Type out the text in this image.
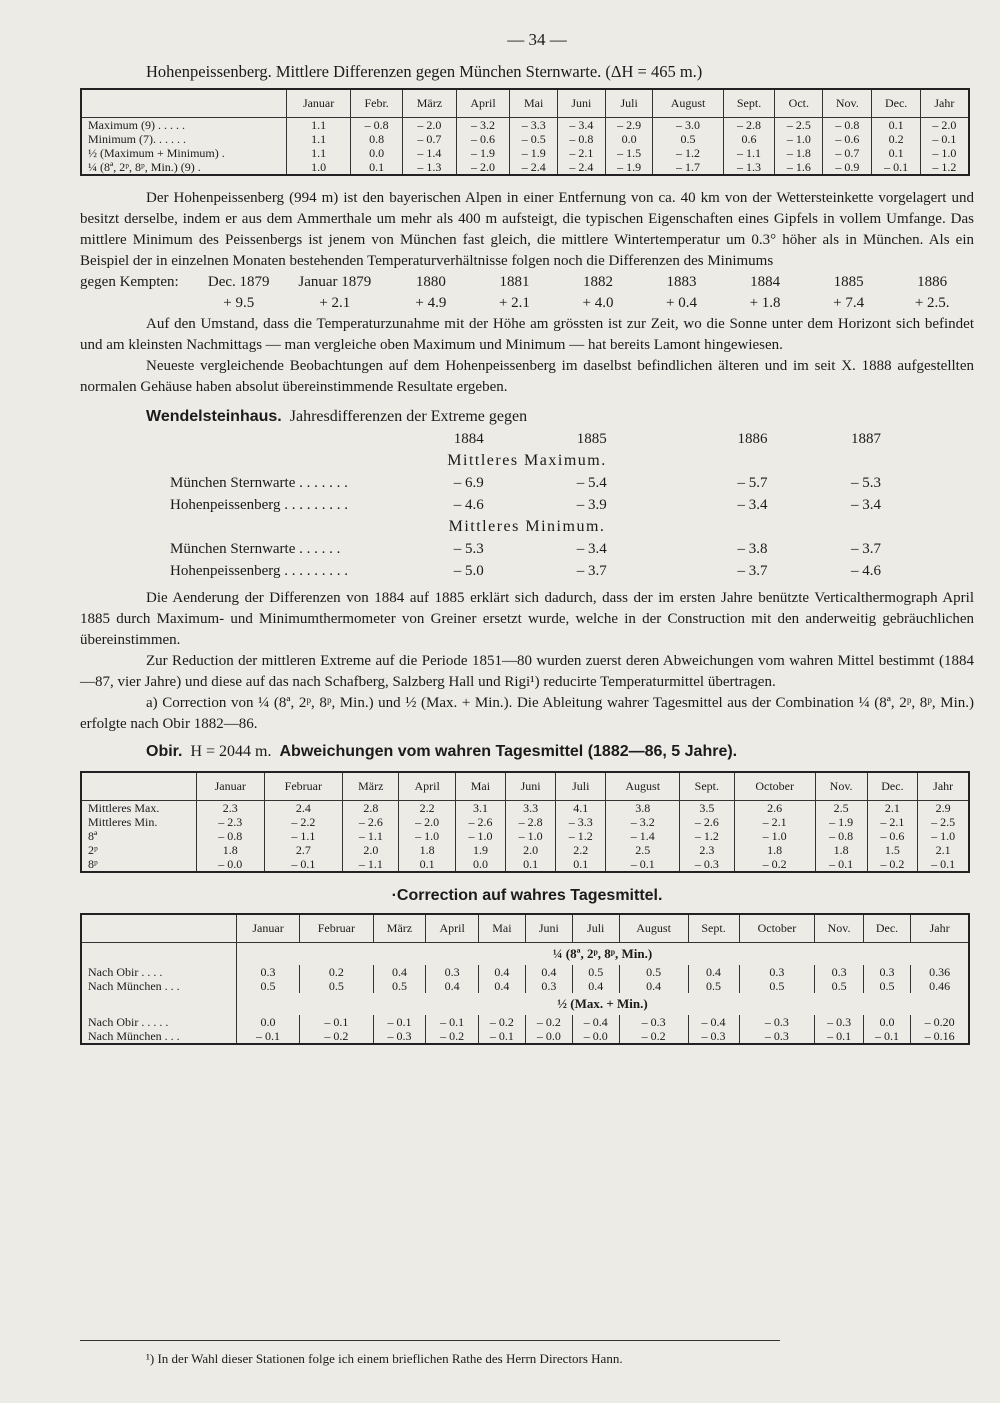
— 34 —
Hohenpeissenberg. Mittlere Differenzen gegen München Sternwarte. (ΔH = 465 m.)
	Januar	Febr.	März	April	Mai	Juni	Juli	August	Sept.	Oct.	Nov.	Dec.	Jahr
Maximum (9) . . . . .	1.1	– 0.8	– 2.0	– 3.2	– 3.3	– 3.4	– 2.9	– 3.0	– 2.8	– 2.5	– 0.8	0.1	– 2.0
Minimum (7). . . . . .	1.1	0.8	– 0.7	– 0.6	– 0.5	– 0.8	0.0	0.5	0.6	– 1.0	– 0.6	0.2	– 0.1
½ (Maximum + Minimum) .	1.1	0.0	– 1.4	– 1.9	– 1.9	– 2.1	– 1.5	– 1.2	– 1.1	– 1.8	– 0.7	0.1	– 1.0
¼ (8ª, 2ᵖ, 8ᵖ, Min.) (9) .	1.0	0.1	– 1.3	– 2.0	– 2.4	– 2.4	– 1.9	– 1.7	– 1.3	– 1.6	– 0.9	– 0.1	– 1.2

Der Hohenpeissenberg (994 m) ist den bayerischen Alpen in einer Entfernung von ca. 40 km von der Wettersteinkette vorgelagert und besitzt derselbe, indem er aus dem Ammerthale um mehr als 400 m aufsteigt, die typischen Eigenschaften eines Gipfels in vollem Umfange. Das mittlere Minimum des Peissenbergs ist jenem von München fast gleich, die mittlere Wintertemperatur um 0.3° höher als in München. Als ein Beispiel der in einzelnen Monaten bestehenden Temperaturverhältnisse folgen noch die Differenzen des Minimums

gegen Kempten:	Dec. 1879	Januar 1879	1880	1881	1882	1883	1884	1885	1886
+ 9.5	+ 2.1	+ 4.9	+ 2.1	+ 4.0	+ 0.4	+ 1.8	+ 7.4	+ 2.5.

Auf den Umstand, dass die Temperaturzunahme mit der Höhe am grössten ist zur Zeit, wo die Sonne unter dem Horizont sich befindet und am kleinsten Nachmittags — man vergleiche oben Maximum und Minimum — hat bereits Lamont hingewiesen.

Neueste vergleichende Beobachtungen auf dem Hohenpeissenberg im daselbst befindlichen älteren und im seit X. 1888 aufgestellten normalen Gehäuse haben absolut übereinstimmende Resultate ergeben.

Wendelsteinhaus. Jahresdifferenzen der Extreme gegen
1884	1885	1886	1887
Mittleres Maximum.
München Sternwarte . . . . . . .	– 6.9	– 5.4	– 5.7	– 5.3
Hohenpeissenberg . . . . . . . . .	– 4.6	– 3.9	– 3.4	– 3.4
Mittleres Minimum.
München Sternwarte . . . . . .	– 5.3	– 3.4	– 3.8	– 3.7
Hohenpeissenberg . . . . . . . . .	– 5.0	– 3.7	– 3.7	– 4.6

Die Aenderung der Differenzen von 1884 auf 1885 erklärt sich dadurch, dass der im ersten Jahre benützte Verticalthermograph April 1885 durch Maximum- und Minimumthermometer von Greiner ersetzt wurde, welche in der Construction mit den anderweitig gebräuchlichen übereinstimmen.

Zur Reduction der mittleren Extreme auf die Periode 1851—80 wurden zuerst deren Abweichungen vom wahren Mittel bestimmt (1884—87, vier Jahre) und diese auf das nach Schafberg, Salzberg Hall und Rigi¹) reducirte Temperaturmittel übertragen.

a) Correction von ¼ (8ª, 2ᵖ, 8ᵖ, Min.) und ½ (Max. + Min.). Die Ableitung wahrer Tagesmittel aus der Combination ¼ (8ª, 2ᵖ, 8ᵖ, Min.) erfolgte nach Obir 1882—86.

Obir. H = 2044 m. Abweichungen vom wahren Tagesmittel (1882—86, 5 Jahre).
	Januar	Februar	März	April	Mai	Juni	Juli	August	Sept.	October	Nov.	Dec.	Jahr
Mittleres Max.	2.3	2.4	2.8	2.2	3.1	3.3	4.1	3.8	3.5	2.6	2.5	2.1	2.9
Mittleres Min.	– 2.3	– 2.2	– 2.6	– 2.0	– 2.6	– 2.8	– 3.3	– 3.2	– 2.6	– 2.1	– 1.9	– 2.1	– 2.5
8ª	– 0.8	– 1.1	– 1.1	– 1.0	– 1.0	– 1.0	– 1.2	– 1.4	– 1.2	– 1.0	– 0.8	– 0.6	– 1.0
2ᵖ	1.8	2.7	2.0	1.8	1.9	2.0	2.2	2.5	2.3	1.8	1.8	1.5	2.1
8ᵖ	– 0.0	– 0.1	– 1.1	0.1	0.0	0.1	0.1	– 0.1	– 0.3	– 0.2	– 0.1	– 0.2	– 0.1
·Correction auf wahres Tagesmittel.
	Januar	Februar	März	April	Mai	Juni	Juli	August	Sept.	October	Nov.	Dec.	Jahr
	¼ (8ª, 2ᵖ, 8ᵖ, Min.)												
Nach Obir . . . .	0.3	0.2	0.4	0.3	0.4	0.4	0.5	0.5	0.4	0.3	0.3	0.3	0.36
Nach München . . .	0.5	0.5	0.5	0.4	0.4	0.3	0.4	0.4	0.5	0.5	0.5	0.5	0.46
	½ (Max. + Min.)												
Nach Obir . . . . .	0.0	– 0.1	– 0.1	– 0.1	– 0.2	– 0.2	– 0.4	– 0.3	– 0.4	– 0.3	– 0.3	0.0	– 0.20
Nach München . . .	– 0.1	– 0.2	– 0.3	– 0.2	– 0.1	– 0.0	– 0.0	– 0.2	– 0.3	– 0.3	– 0.1	– 0.1	– 0.16
¹) In der Wahl dieser Stationen folge ich einem brieflichen Rathe des Herrn Directors Hann.
